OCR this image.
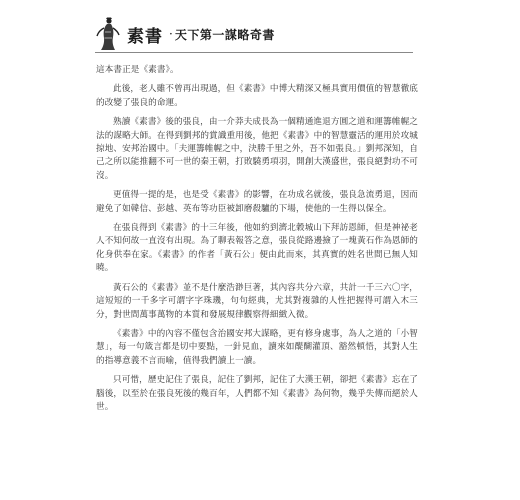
素書 · 天下第一謀略奇書

這本書正是《素書》。

此後，老人雖不曾再出現過，但《素書》中博大精深又極具實用價值的智慧徹底的改變了張良的命運。

熟讀《素書》後的張良，由一介莽夫成長為一個精通進退方圓之道和運籌帷幄之法的謀略大師。在得到劉邦的賞識重用後，他把《素書》中的智慧靈活的運用於攻城掠地、安邦治國中。「夫運籌帷幄之中，決勝千里之外，吾不如張良。」劉邦深知，自己之所以能推翻不可一世的秦王朝，打敗驍勇項羽，開創大漢盛世，張良絕對功不可沒。

更值得一提的是，也是受《素書》的影響，在功成名就後，張良急流勇退，因而避免了如韓信、彭越、英布等功臣被卸磨殺驢的下場，使他的一生得以保全。

在張良得到《素書》的十三年後，他如約到濟北穀城山下拜訪恩師，但是神祕老人不知何故一直沒有出現。為了聊表報答之意，張良從路邊撿了一塊黃石作為恩師的化身供奉在家。《素書》的作者「黃石公」便由此而來，其真實的姓名世間已無人知曉。

黃石公的《素書》並不是什麼浩渺巨著，其內容共分六章，共計一千三六〇字，這短短的一千多字可謂字字珠璣，句句經典，尤其對複雜的人性把握得可謂入木三分，對世間萬事萬物的本質和發展規律觀察得細緻入微。

《素書》中的內容不僅包含治國安邦大謀略，更有修身處事，為人之道的「小智慧」，每一句箴言都是切中要點，一針見血，讀來如醍醐灌頂、豁然頓悟，其對人生的指導意義不言而喻，值得我們讀上一讀。

只可惜，歷史記住了張良，記住了劉邦，記住了大漢王朝，卻把《素書》忘在了腦後，以至於在張良死後的幾百年，人們都不知《素書》為何物，幾乎失傳而絕於人世。
